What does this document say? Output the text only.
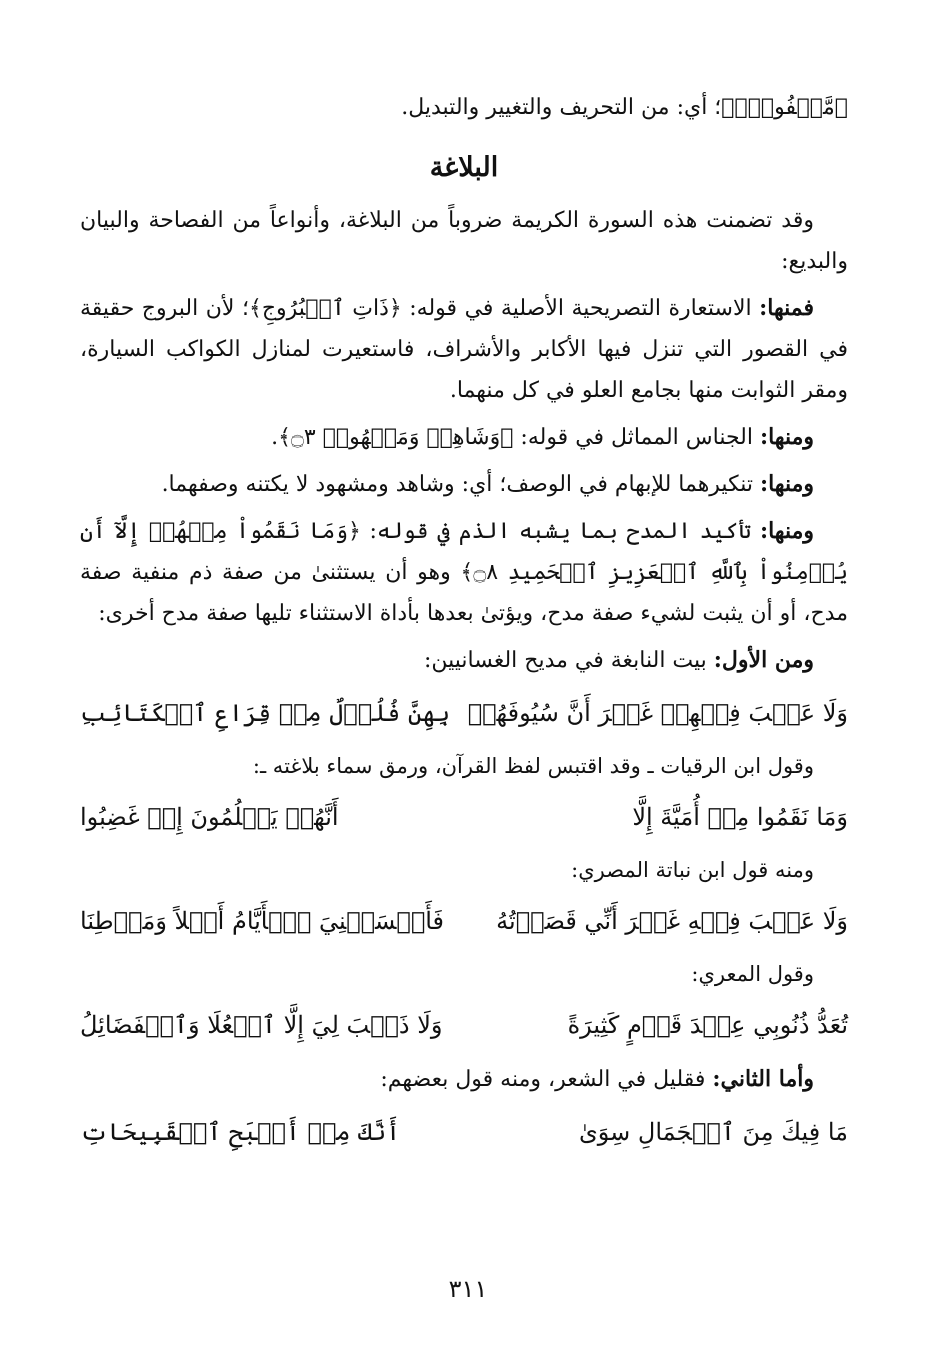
﴿مَّحۡفُوظِۭ﴾؛ أي: من التحريف والتغيير والتبديل.

البلاغة

وقد تضمنت هذه السورة الكريمة ضروباً من البلاغة، وأنواعاً من الفصاحة والبيان والبديع:

فمنها: الاستعارة التصريحية الأصلية في قوله: ﴿ذَاتِ ٱلۡبُرُوجِ﴾؛ لأن البروج حقيقة في القصور التي تنزل فيها الأكابر والأشراف، فاستعيرت لمنازل الكواكب السيارة، ومقر الثوابت منها بجامع العلو في كل منهما.

ومنها: الجناس المماثل في قوله: ﴿وَشَاهِدٖ وَمَشۡهُودٖ ۝٣﴾.

ومنها: تنكيرهما للإبهام في الوصف؛ أي: وشاهد ومشهود لا يكتنه وصفهما.

ومنها: تأكيد المدح بما يشبه الذم في قوله: ﴿وَمَا نَقَمُواْ مِنۡهُمۡ إِلَّآ أَن يُؤۡمِنُواْ بِٱللَّهِ ٱلۡعَزِيزِ ٱلۡحَمِيدِ ۝٨﴾ وهو أن يستثنىٰ من صفة ذم منفية صفة مدح، أو أن يثبت لشيء صفة مدح، ويؤتىٰ بعدها بأداة الاستثناء تليها صفة مدح أخرى:

ومن الأول: بيت النابغة في مديح الغسانيين:

وَلَا عَيۡبَ فِيۡهِمۡ غَيۡرَ أَنَّ سُيُوفَهُمۡ
بِهِنَّ فُلُوۡلٌ مِنۡ قِرَاعِ ٱلۡكَتَائِبِ

وقول ابن الرقيات ـ وقد اقتبس لفظ القرآن، ورمق سماء بلاغته ـ:

وَمَا نَقَمُوا مِنۡ أُمَيَّةَ إِلَّا
أَنَّهُمۡ يَحۡلُمُونَ إِنۡ غَضِبُوا

ومنه قول ابن نباتة المصري:

وَلَا عَيۡبَ فِيۡهِ غَيۡرَ أَنِّي قَصَدۡتُهُ
فَأَنۡسَتۡنِيَ ٱلۡأَيَّامُ أَهۡلاً وَمَوۡطِنَا

وقول المعري:

تُعَدُّ ذُنُوبِي عِنۡدَ قَوۡمٍ كَثِيرَةً
وَلَا ذَنۡبَ لِيَ إِلَّا ٱلۡعُلَا وَٱلۡفَضَائِلُ

وأما الثاني: فقليل في الشعر، ومنه قول بعضهم:

مَا فِيكَ مِنَ ٱلۡجَمَالِ سِوَىٰ
أَنَّكَ مِنۡ أَقۡبَحِ ٱلۡقَبِيحَاتِ
٣١١
